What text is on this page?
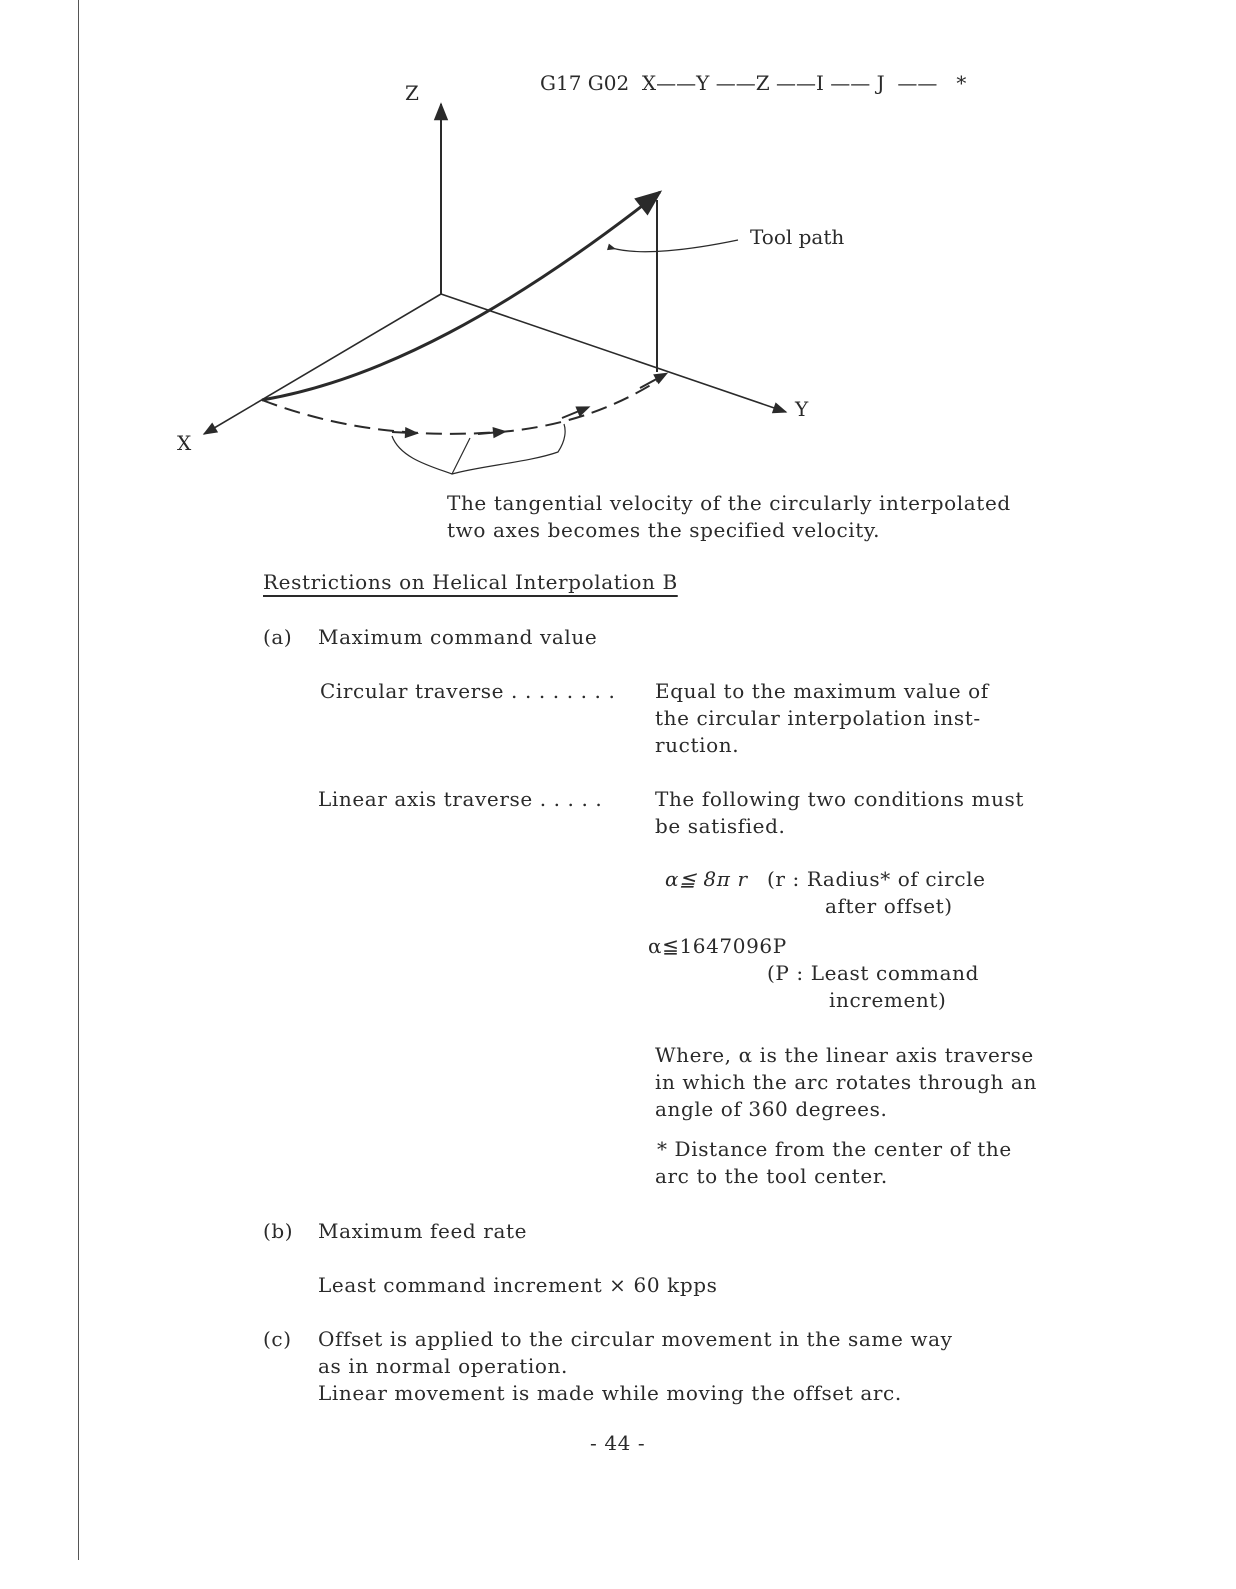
Z
X
Y
G17 G02  X——Y ——Z ——I —— J  ——   *
Tool path
The tangential velocity of the circularly interpolated
two axes becomes the specified velocity.
Restrictions on Helical Interpolation B
(a) Maximum command value
Circular traverse . . . . . . . . Equal to the maximum value of
the circular interpolation inst-
ruction.
Linear axis traverse . . . . .	The following two conditions must
be satisfied.
α≦ 8π r (r : Radius* of circle
after offset)
α≦1647096P
(P : Least command
increment)
Where, α is the linear axis traverse
in which the arc rotates through an
angle of 360 degrees.
* Distance from the center of the
arc to the tool center.
(b) Maximum feed rate
Least command increment × 60 kpps
(c) Offset is applied to the circular movement in the same way
as in normal operation.
Linear movement is made while moving the offset arc.
- 44 -
